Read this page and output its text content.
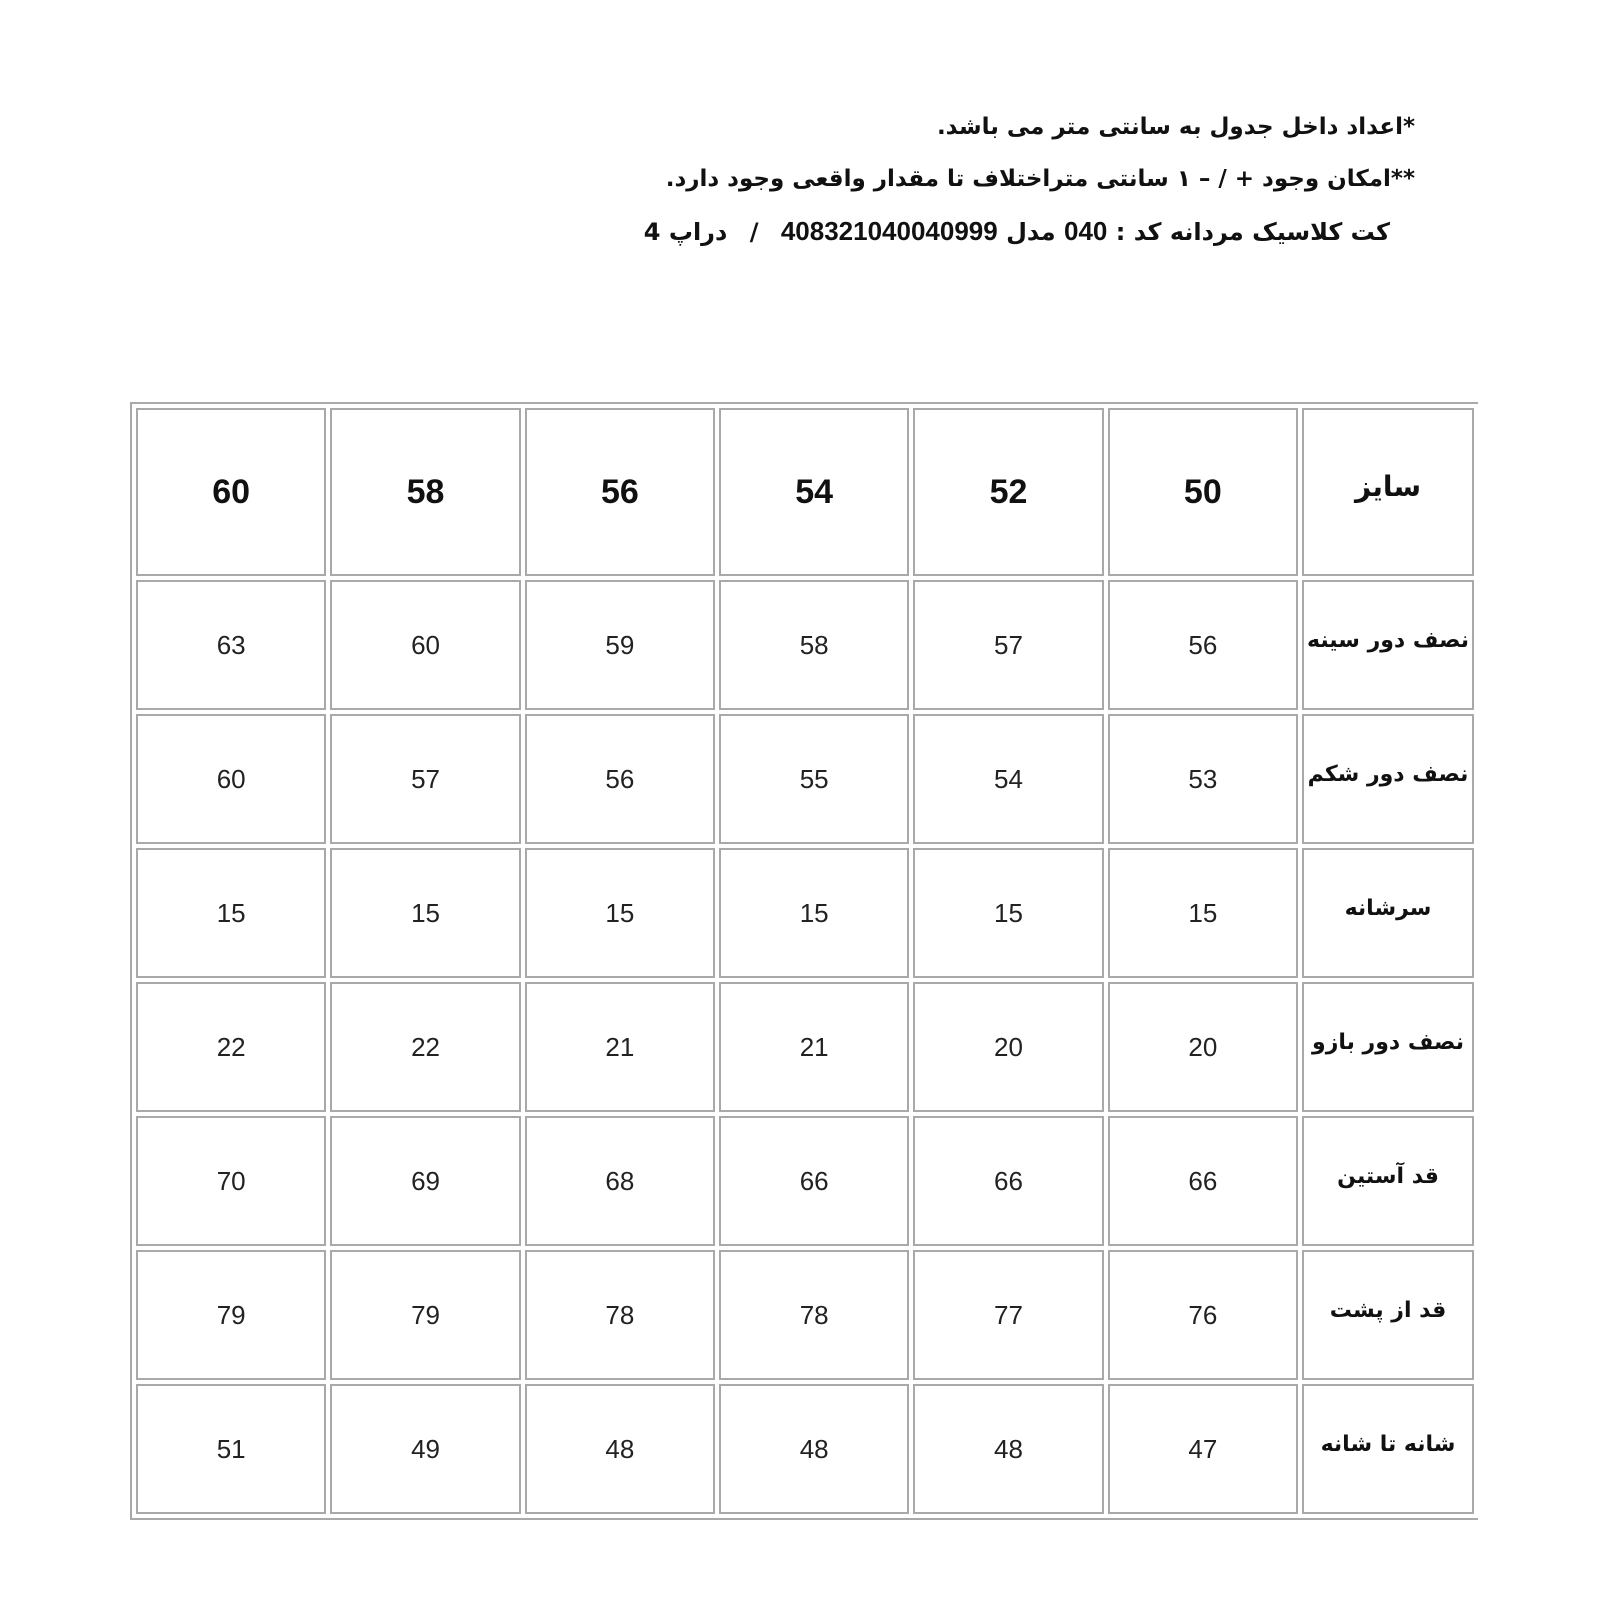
*اعداد داخل جدول به سانتی متر می باشد.
**امکان وجود + / – ۱ سانتی متراختلاف تا مقدار واقعی وجود دارد.
کت کلاسیک مردانه کد : 040 مدل 408321040040999 / دراپ 4
سایز	50	52	54	56	58	60
نصف دور سینه	56	57	58	59	60	63
نصف دور شکم	53	54	55	56	57	60
سرشانه	15	15	15	15	15	15
نصف دور بازو	20	20	21	21	22	22
قد آستین	66	66	66	68	69	70
قد از پشت	76	77	78	78	79	79
شانه تا شانه	47	48	48	48	49	51
